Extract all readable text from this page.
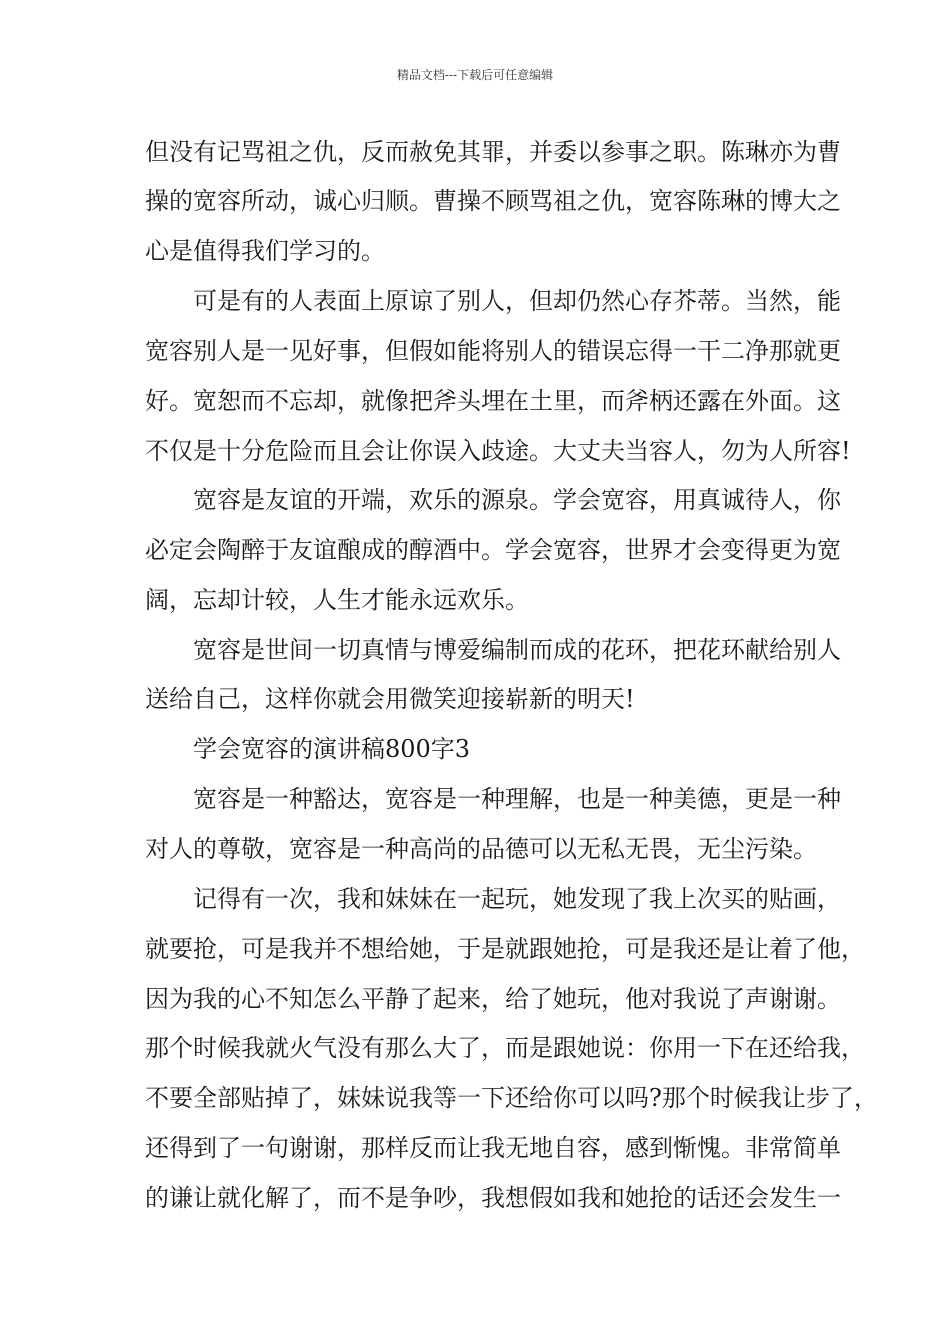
精品文档---下载后可任意编辑
但没有记骂祖之仇，反而赦免其罪，并委以参事之职。陈琳亦为曹
操的宽容所动，诚心归顺。曹操不顾骂祖之仇，宽容陈琳的博大之
心是值得我们学习的。
可是有的人表面上原谅了别人，但却仍然心存芥蒂。当然，能
宽容别人是一见好事，但假如能将别人的错误忘得一干二净那就更
好。宽恕而不忘却，就像把斧头埋在土里，而斧柄还露在外面。这
不仅是十分危险而且会让你误入歧途。大丈夫当容人，勿为人所容!
宽容是友谊的开端，欢乐的源泉。学会宽容，用真诚待人，你
必定会陶醉于友谊酿成的醇酒中。学会宽容，世界才会变得更为宽
阔，忘却计较，人生才能永远欢乐。
宽容是世间一切真情与博爱编制而成的花环，把花环献给别人
送给自己，这样你就会用微笑迎接崭新的明天!
学会宽容的演讲稿800字3
宽容是一种豁达，宽容是一种理解，也是一种美德，更是一种
对人的尊敬，宽容是一种高尚的品德可以无私无畏，无尘污染。
记得有一次，我和妹妹在一起玩，她发现了我上次买的贴画，
就要抢，可是我并不想给她，于是就跟她抢，可是我还是让着了他，
因为我的心不知怎么平静了起来，给了她玩，他对我说了声谢谢。
那个时候我就火气没有那么大了，而是跟她说：你用一下在还给我，
不要全部贴掉了，妹妹说我等一下还给你可以吗?那个时候我让步了，
还得到了一句谢谢，那样反而让我无地自容，感到惭愧。非常简单
的谦让就化解了，而不是争吵，我想假如我和她抢的话还会发生一
